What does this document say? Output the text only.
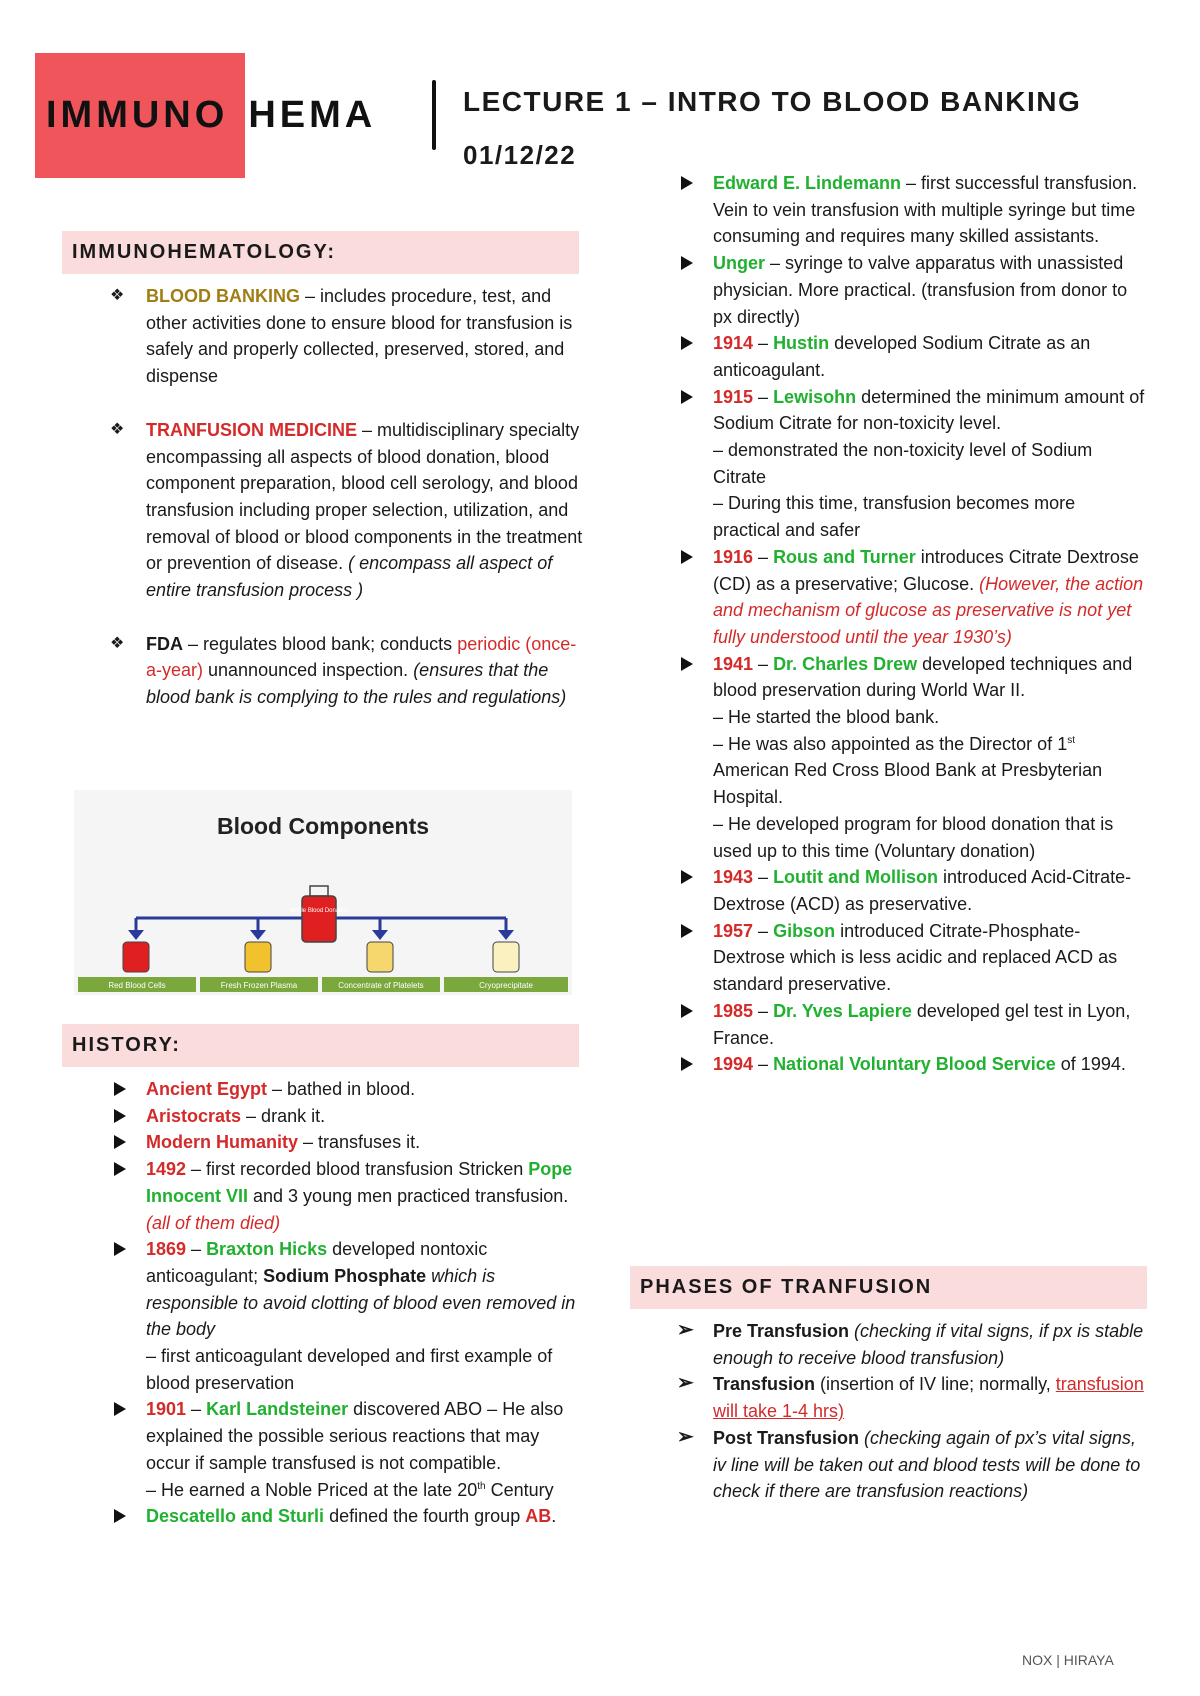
IMMUNO HEMA	LECTURE 1 – INTRO TO BLOOD BANKING
01/12/22
IMMUNOHEMATOLOGY:
❖ BLOOD BANKING – includes procedure, test, and other activities done to ensure blood for transfusion is safely and properly collected, preserved, stored, and dispense
❖ TRANFUSION MEDICINE – multidisciplinary specialty encompassing all aspects of blood donation, blood component preparation, blood cell serology, and blood transfusion including proper selection, utilization, and removal of blood or blood components in the treatment or prevention of disease. ( encompass all aspect of entire transfusion process )
❖ FDA – regulates blood bank; conducts periodic (once-a-year) unannounced inspection. (ensures that the blood bank is complying to the rules and regulations)
Blood Components
Whole Blood Donation
Red Blood Cells	Fresh Frozen Plasma	Concentrate of Platelets	Cryoprecipitate
HISTORY:
Ancient Egypt – bathed in blood.
Aristocrats – drank it.
Modern Humanity – transfuses it.
1492 – first recorded blood transfusion Stricken Pope Innocent VII and 3 young men practiced transfusion. (all of them died)
1869 – Braxton Hicks developed nontoxic anticoagulant; Sodium Phosphate which is responsible to avoid clotting of blood even removed in the body
– first anticoagulant developed and first example of blood preservation
1901 – Karl Landsteiner discovered ABO – He also explained the possible serious reactions that may occur if sample transfused is not compatible.
– He earned a Noble Priced at the late 20th Century
Descatello and Sturli defined the fourth group AB.
Edward E. Lindemann – first successful transfusion. Vein to vein transfusion with multiple syringe but time consuming and requires many skilled assistants.
Unger – syringe to valve apparatus with unassisted physician. More practical. (transfusion from donor to px directly)
1914 – Hustin developed Sodium Citrate as an anticoagulant.
1915 – Lewisohn determined the minimum amount of Sodium Citrate for non-toxicity level.
– demonstrated the non-toxicity level of Sodium Citrate
– During this time, transfusion becomes more practical and safer
1916 – Rous and Turner introduces Citrate Dextrose (CD) as a preservative; Glucose. (However, the action and mechanism of glucose as preservative is not yet fully understood until the year 1930’s)
1941 – Dr. Charles Drew developed techniques and blood preservation during World War II.
– He started the blood bank.
– He was also appointed as the Director of 1st American Red Cross Blood Bank at Presbyterian Hospital.
– He developed program for blood donation that is used up to this time (Voluntary donation)
1943 – Loutit and Mollison introduced Acid-Citrate-Dextrose (ACD) as preservative.
1957 – Gibson introduced Citrate-Phosphate-Dextrose which is less acidic and replaced ACD as standard preservative.
1985 – Dr. Yves Lapiere developed gel test in Lyon, France.
1994 – National Voluntary Blood Service of 1994.
PHASES OF TRANFUSION
➢ Pre Transfusion (checking if vital signs, if px is stable enough to receive blood transfusion)
➢ Transfusion (insertion of IV line; normally, transfusion will take 1-4 hrs)
➢ Post Transfusion (checking again of px’s vital signs, iv line will be taken out and blood tests will be done to check if there are transfusion reactions)
NOX | HIRAYA
